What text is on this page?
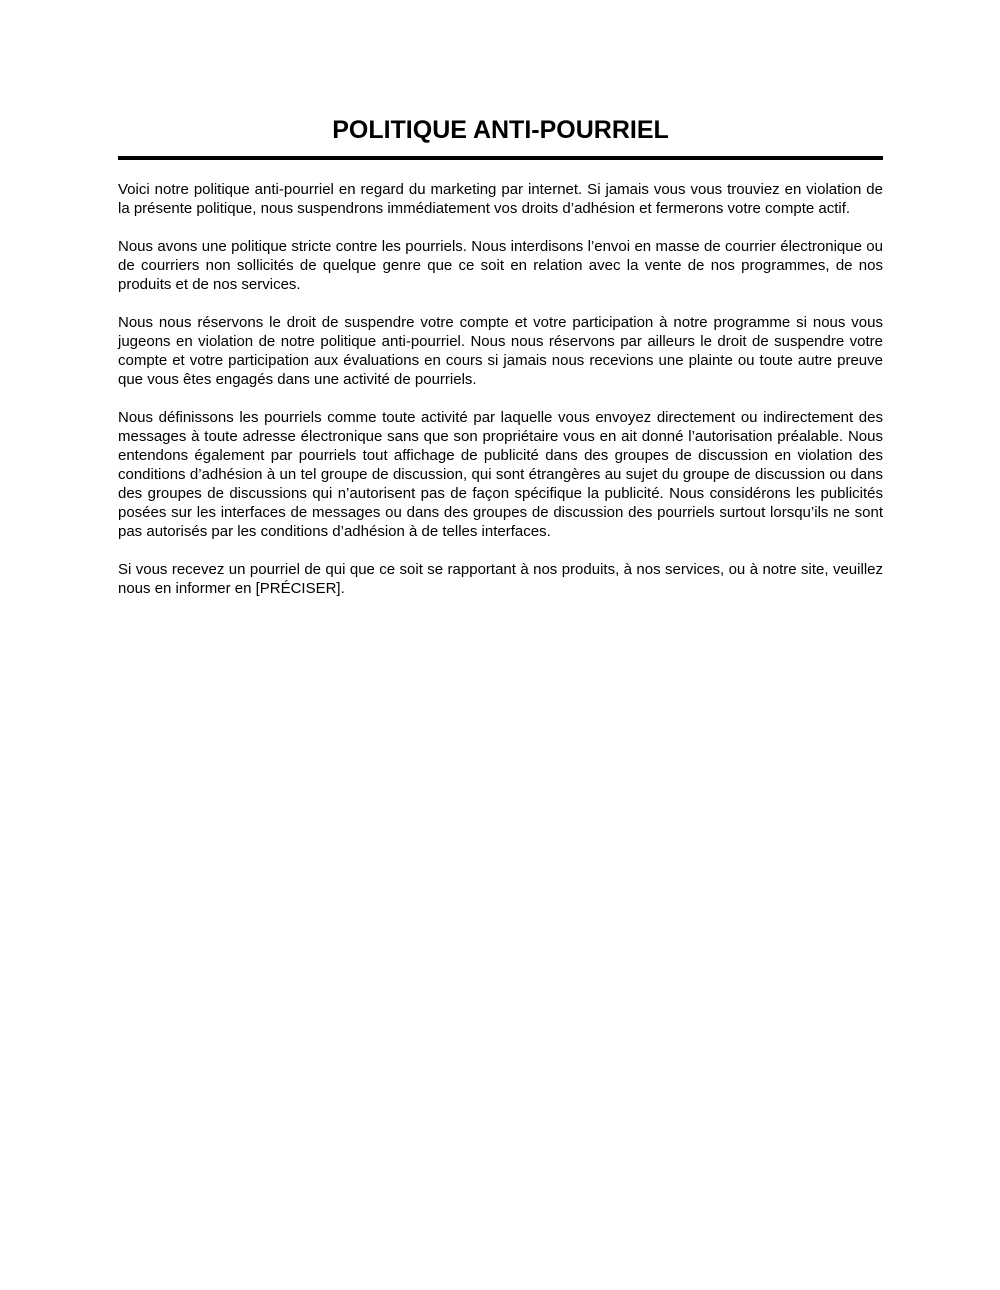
POLITIQUE ANTI-POURRIEL

Voici notre politique anti-pourriel en regard du marketing par internet. Si jamais vous vous trouviez en violation de la présente politique, nous suspendrons immédiatement vos droits d’adhésion et fermerons votre compte actif.

Nous avons une politique stricte contre les pourriels. Nous interdisons l’envoi en masse de courrier électronique ou de courriers non sollicités de quelque genre que ce soit en relation avec la vente de nos programmes, de nos produits et de nos services.

Nous nous réservons le droit de suspendre votre compte et votre participation à notre programme si nous vous jugeons en violation de notre politique anti-pourriel. Nous nous réservons par ailleurs le droit de suspendre votre compte et votre participation aux évaluations en cours si jamais nous recevions une plainte ou toute autre preuve que vous êtes engagés dans une activité de pourriels.

Nous définissons les pourriels comme toute activité par laquelle vous envoyez directement ou indirectement des messages à toute adresse électronique sans que son propriétaire vous en ait donné l’autorisation préalable. Nous entendons également par pourriels tout affichage de publicité dans des groupes de discussion en violation des conditions d’adhésion à un tel groupe de discussion, qui sont étrangères au sujet du groupe de discussion ou dans des groupes de discussions qui n’autorisent pas de façon spécifique la publicité. Nous considérons les publicités posées sur les interfaces de messages ou dans des groupes de discussion des pourriels surtout lorsqu’ils ne sont pas autorisés par les conditions d’adhésion à de telles interfaces.

Si vous recevez un pourriel de qui que ce soit se rapportant à nos produits, à nos services, ou à notre site, veuillez nous en informer en [PRÉCISER].
